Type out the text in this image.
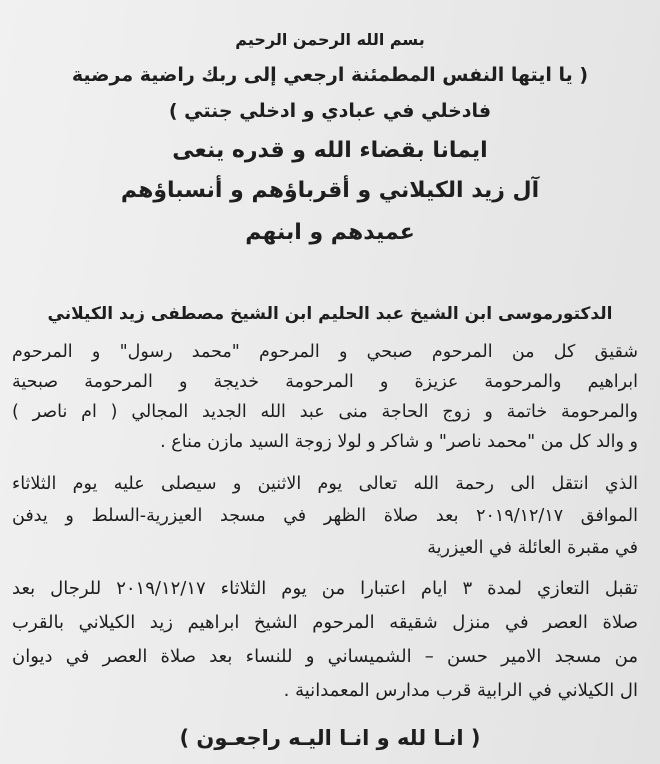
بسم الله الرحمن الرحيم
( يا ايتها النفس المطمئنة ارجعي إلى ربك راضية مرضية
فادخلي في عبادي و ادخلي جنتي )
ايمانا بقضاء الله و قدره ينعى
آل زيد الكيلاني و أقرباؤهم و أنسباؤهم
عميدهم و ابنهم
الدكتورموسى ابن الشيخ عبد الحليم ابن الشيخ مصطفى زيد الكيلاني
شقيق كل من المرحوم صبحي و المرحوم "محمد رسول" و المرحوم
ابراهيم والمرحومة عزيزة و المرحومة خديجة و المرحومة صبحية
والمرحومة خاتمة و زوج الحاجة منى عبد الله الجديد المجالي ( ام ناصر )
و والد كل من "محمد ناصر" و شاكر و لولا زوجة السيد مازن مناع .
الذي انتقل الى رحمة الله تعالى يوم الاثنين و سيصلى عليه يوم الثلاثاء
الموافق ٢٠١٩/١٢/١٧ بعد صلاة الظهر في مسجد العيزرية-السلط و يدفن
في مقبرة العائلة في العيزرية
تقبل التعازي لمدة ٣ ايام اعتبارا من يوم الثلاثاء ٢٠١٩/١٢/١٧ للرجال بعد
صلاة العصر في منزل شقيقه المرحوم الشيخ ابراهيم زيد الكيلاني بالقرب
من مسجد الامير حسن – الشميساني و للنساء بعد صلاة العصر في ديوان
ال الكيلاني في الرابية قرب مدارس المعمدانية .
( انـا لله و انـا اليـه راجعـون )
